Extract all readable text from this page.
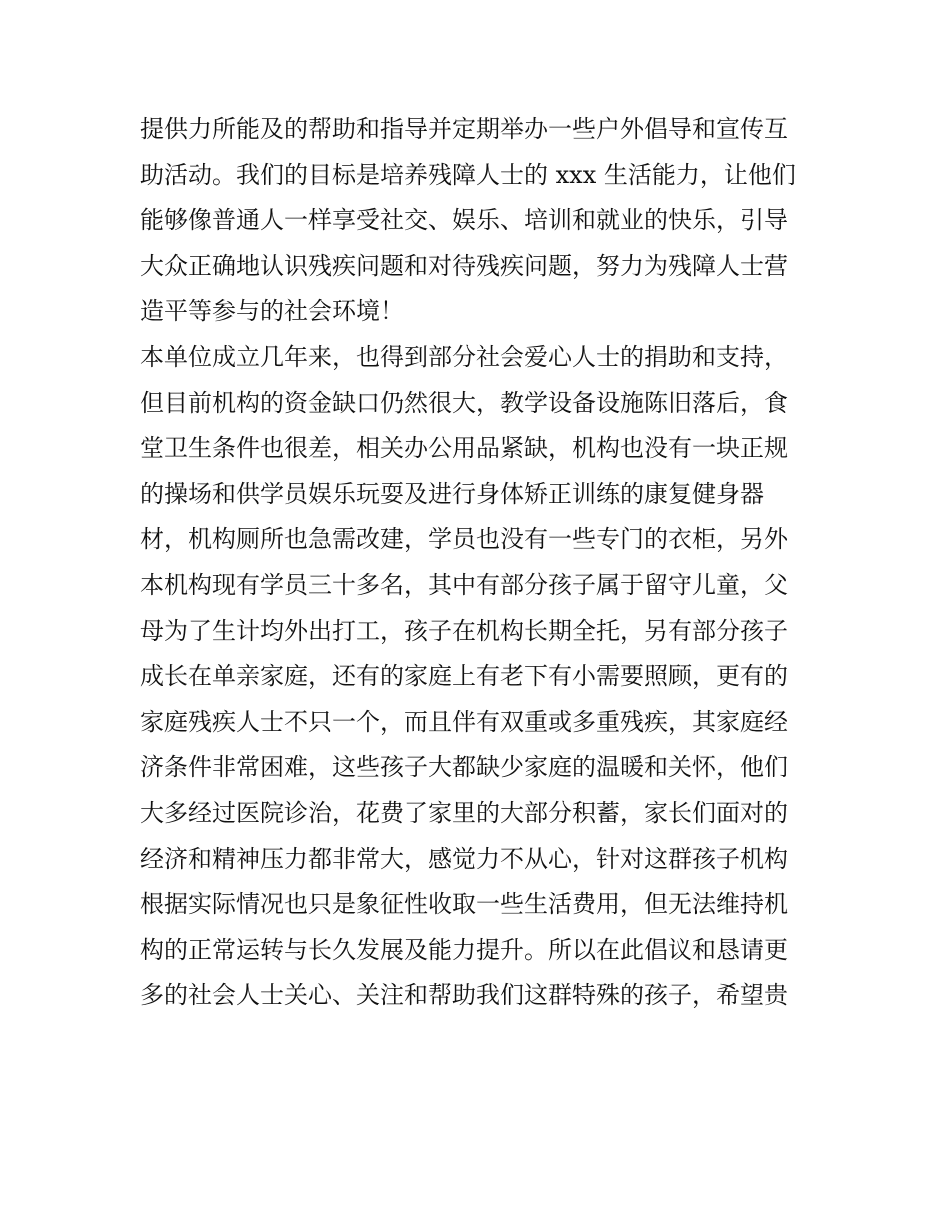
提供力所能及的帮助和指导并定期举办一些户外倡导和宣传互
助活动。我们的目标是培养残障人士的 xxx 生活能力，让他们
能够像普通人一样享受社交、娱乐、培训和就业的快乐，引导
大众正确地认识残疾问题和对待残疾问题，努力为残障人士营
造平等参与的社会环境！
本单位成立几年来，也得到部分社会爱心人士的捐助和支持，
但目前机构的资金缺口仍然很大，教学设备设施陈旧落后，食
堂卫生条件也很差，相关办公用品紧缺，机构也没有一块正规
的操场和供学员娱乐玩耍及进行身体矫正训练的康复健身器
材，机构厕所也急需改建，学员也没有一些专门的衣柜，另外
本机构现有学员三十多名，其中有部分孩子属于留守儿童，父
母为了生计均外出打工，孩子在机构长期全托，另有部分孩子
成长在单亲家庭，还有的家庭上有老下有小需要照顾，更有的
家庭残疾人士不只一个，而且伴有双重或多重残疾，其家庭经
济条件非常困难，这些孩子大都缺少家庭的温暖和关怀，他们
大多经过医院诊治，花费了家里的大部分积蓄，家长们面对的
经济和精神压力都非常大，感觉力不从心，针对这群孩子机构
根据实际情况也只是象征性收取一些生活费用，但无法维持机
构的正常运转与长久发展及能力提升。所以在此倡议和恳请更
多的社会人士关心、关注和帮助我们这群特殊的孩子，希望贵
